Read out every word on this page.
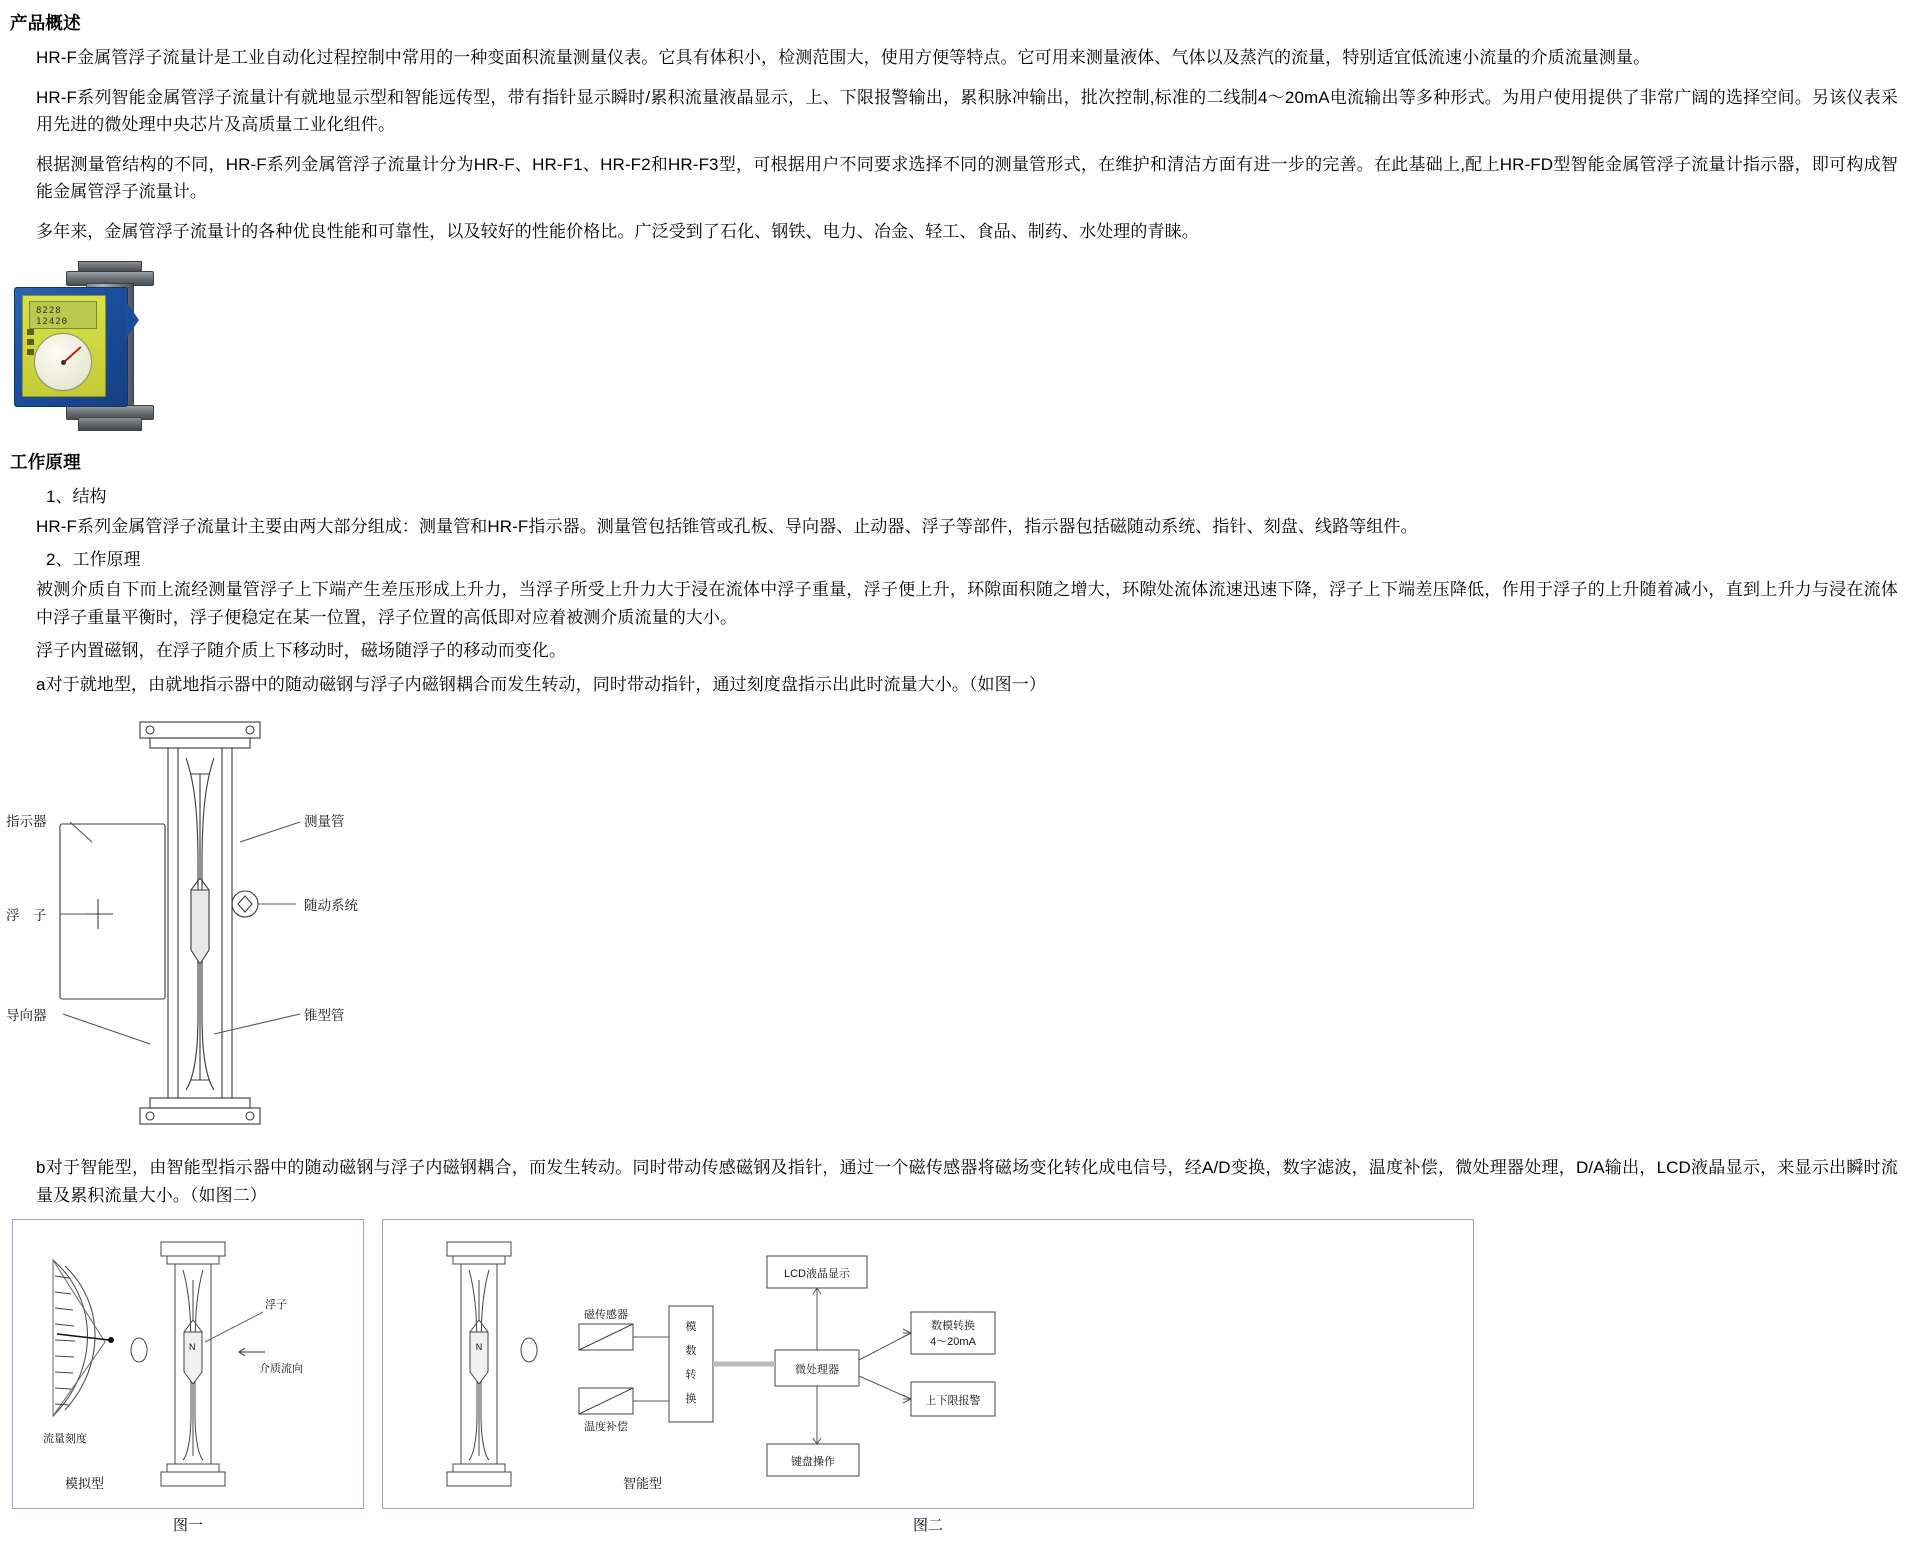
产品概述

HR-F金属管浮子流量计是工业自动化过程控制中常用的一种变面积流量测量仪表。它具有体积小，检测范围大，使用方便等特点。它可用来测量液体、气体以及蒸汽的流量，特别适宜低流速小流量的介质流量测量。

HR-F系列智能金属管浮子流量计有就地显示型和智能远传型，带有指针显示瞬时/累积流量液晶显示，上、下限报警输出，累积脉冲输出，批次控制,标准的二线制4～20mA电流输出等多种形式。为用户使用提供了非常广阔的选择空间。另该仪表采用先进的微处理中央芯片及高质量工业化组件。

根据测量管结构的不同，HR-F系列金属管浮子流量计分为HR-F、HR-F1、HR-F2和HR-F3型，可根据用户不同要求选择不同的测量管形式，在维护和清洁方面有进一步的完善。在此基础上,配上HR-FD型智能金属管浮子流量计指示器，即可构成智能金属管浮子流量计。

多年来，金属管浮子流量计的各种优良性能和可靠性，以及较好的性能价格比。广泛受到了石化、钢铁、电力、冶金、轻工、食品、制药、水处理的青睐。

8228
12420
工作原理
1、结构

HR-F系列金属管浮子流量计主要由两大部分组成：测量管和HR-F指示器。测量管包括锥管或孔板、导向器、止动器、浮子等部件，指示器包括磁随动系统、指针、刻盘、线路等组件。

2、工作原理

被测介质自下而上流经测量管浮子上下端产生差压形成上升力，当浮子所受上升力大于浸在流体中浮子重量，浮子便上升，环隙面积随之增大，环隙处流体流速迅速下降，浮子上下端差压降低，作用于浮子的上升随着减小，直到上升力与浸在流体中浮子重量平衡时，浮子便稳定在某一位置，浮子位置的高低即对应着被测介质流量的大小。

浮子内置磁钢，在浮子随介质上下移动时，磁场随浮子的移动而变化。

a对于就地型，由就地指示器中的随动磁钢与浮子内磁钢耦合而发生转动，同时带动指针，通过刻度盘指示出此时流量大小。（如图一）

指示器
浮　子
导向器
测量管
随动系统
锥型管

b对于智能型，由智能型指示器中的随动磁钢与浮子内磁钢耦合，而发生转动。同时带动传感磁钢及指针，通过一个磁传感器将磁场变化转化成电信号，经A/D变换，数字滤波，温度补偿，微处理器处理，D/A输出，LCD液晶显示，来显示出瞬时流量及累积流量大小。（如图二）

N
浮子
介质流向
流量刻度
模拟型
N
磁传感器
温度补偿
模
数
转
换
LCD液晶显示
微处理器
键盘操作
数模转换
4～20mA
上下限报警
智能型
图一	图二
